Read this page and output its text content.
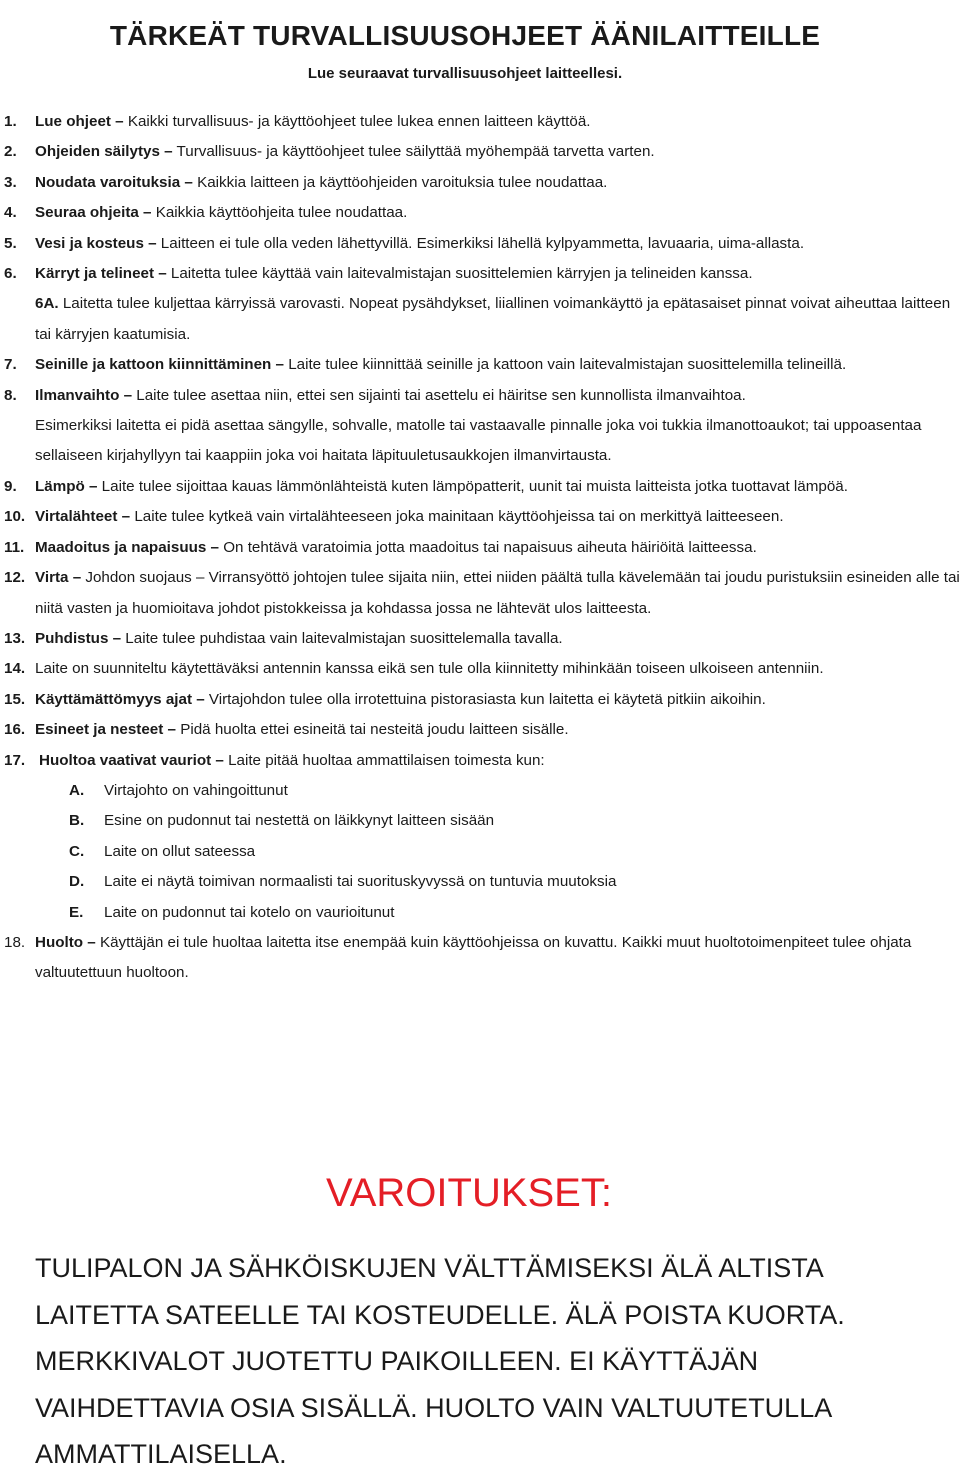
TÄRKEÄT TURVALLISUUSOHJEET ÄÄNILAITTEILLE
Lue seuraavat turvallisuusohjeet laitteellesi.
1. Lue ohjeet – Kaikki turvallisuus- ja käyttöohjeet tulee lukea ennen laitteen käyttöä.
2. Ohjeiden säilytys – Turvallisuus- ja käyttöohjeet tulee säilyttää myöhempää tarvetta varten.
3. Noudata varoituksia – Kaikkia laitteen ja käyttöohjeiden varoituksia tulee noudattaa.
4. Seuraa ohjeita – Kaikkia käyttöohjeita tulee noudattaa.
5. Vesi ja kosteus – Laitteen ei tule olla veden lähettyvillä. Esimerkiksi lähellä kylpyammetta, lavuaaria, uima-allasta.
6. Kärryt ja telineet – Laitetta tulee käyttää vain laitevalmistajan suosittelemien kärryjen ja telineiden kanssa.
6A. Laitetta tulee kuljettaa kärryissä varovasti. Nopeat pysähdykset, liiallinen voimankäyttö ja epätasaiset pinnat voivat aiheuttaa laitteen tai kärryjen kaatumisia.
7. Seinille ja kattoon kiinnittäminen – Laite tulee kiinnittää seinille ja kattoon vain laitevalmistajan suosittelemilla telineillä.
8. Ilmanvaihto – Laite tulee asettaa niin, ettei sen sijainti tai asettelu ei häiritse sen kunnollista ilmanvaihtoa.
Esimerkiksi laitetta ei pidä asettaa sängylle, sohvalle, matolle tai vastaavalle pinnalle joka voi tukkia ilmanottoaukot; tai uppoasentaa sellaiseen kirjahyllyyn tai kaappiin joka voi haitata läpituuletusaukkojen ilmanvirtausta.
9. Lämpö – Laite tulee sijoittaa kauas lämmönlähteistä kuten lämpöpatterit, uunit tai muista laitteista jotka tuottavat lämpöä.
10. Virtalähteet – Laite tulee kytkeä vain virtalähteeseen joka mainitaan käyttöohjeissa tai on merkittyä laitteeseen.
11. Maadoitus ja napaisuus – On tehtävä varatoimia jotta maadoitus tai napaisuus aiheuta häiriöitä laitteessa.
12. Virta – Johdon suojaus – Virransyöttö johtojen tulee sijaita niin, ettei niiden päältä tulla kävelemään tai joudu puristuksiin esineiden alle tai niitä vasten ja huomioitava johdot pistokkeissa ja kohdassa jossa ne lähtevät ulos laitteesta.
13. Puhdistus – Laite tulee puhdistaa vain laitevalmistajan suosittelemalla tavalla.
14. Laite on suunniteltu käytettäväksi antennin kanssa eikä sen tule olla kiinnitetty mihinkään toiseen ulkoiseen antenniin.
15. Käyttämättömyys ajat – Virtajohdon tulee olla irrotettuina pistorasiasta kun laitetta ei käytetä pitkiin aikoihin.
16. Esineet ja nesteet – Pidä huolta ettei esineitä tai nesteitä joudu laitteen sisälle.
17. Huoltoa vaativat vauriot – Laite pitää huoltaa ammattilaisen toimesta kun:
A. Virtajohto on vahingoittunut
B. Esine on pudonnut tai nestettä on läikkynyt laitteen sisään
C. Laite on ollut sateessa
D. Laite ei näytä toimivan normaalisti tai suorituskyvyssä on tuntuvia muutoksia
E. Laite on pudonnut tai kotelo on vaurioitunut
18. Huolto – Käyttäjän ei tule huoltaa laitetta itse enempää kuin käyttöohjeissa on kuvattu. Kaikki muut huoltotoimenpiteet tulee ohjata valtuutettuun huoltoon.
VAROITUKSET:
TULIPALON JA SÄHKÖISKUJEN VÄLTTÄMISEKSI ÄLÄ ALTISTA LAITETTA SATEELLE TAI KOSTEUDELLE. ÄLÄ POISTA KUORTA. MERKKIVALOT JUOTETTU PAIKOILLEEN. EI KÄYTTÄJÄN VAIHDETTAVIA OSIA SISÄLLÄ. HUOLTO VAIN VALTUUTETULLA AMMATTILAISELLA.
